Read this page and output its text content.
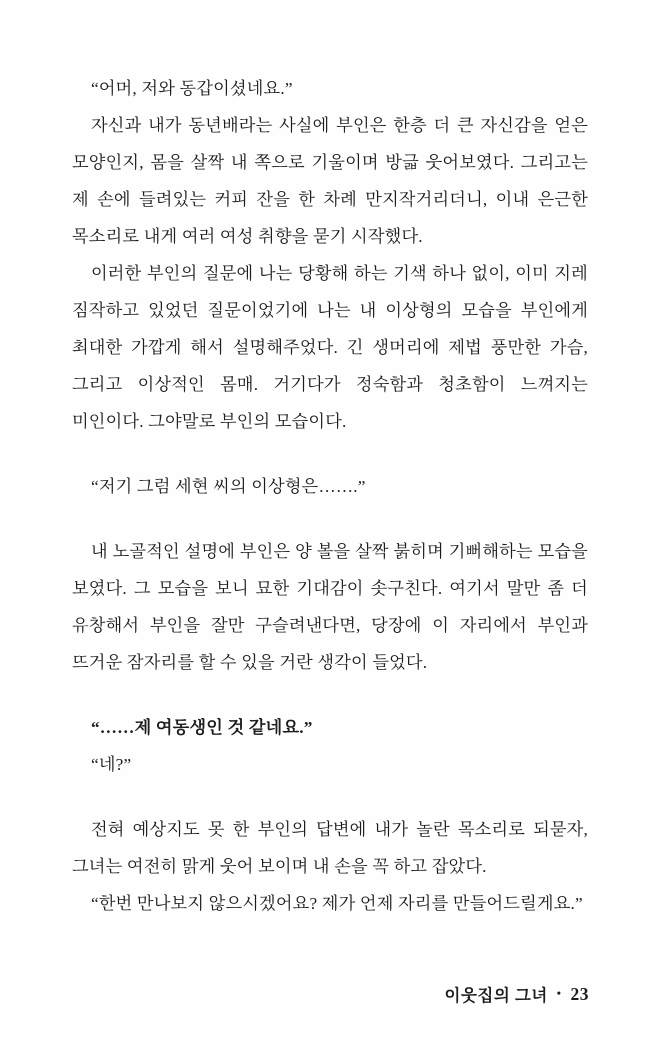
“어머, 저와 동갑이셨네요.”

자신과 내가 동년배라는 사실에 부인은 한층 더 큰 자신감을 얻은 모양인지, 몸을 살짝 내 쪽으로 기울이며 방긃 웃어보였다. 그리고는 제 손에 들려있는 커피 잔을 한 차례 만지작거리더니, 이내 은근한 목소리로 내게 여러 여성 취향을 묻기 시작했다.

이러한 부인의 질문에 나는 당황해 하는 기색 하나 없이, 이미 지레 짐작하고 있었던 질문이었기에 나는 내 이상형의 모습을 부인에게 최대한 가깝게 해서 설명해주었다. 긴 생머리에 제법 풍만한 가슴, 그리고 이상적인 몸매. 거기다가 정숙함과 청초함이 느껴지는 미인이다. 그야말로 부인의 모습이다.

“저기 그럼 세현 씨의 이상형은…….”

내 노골적인 설명에 부인은 양 볼을 살짝 붉히며 기뻐해하는 모습을 보였다. 그 모습을 보니 묘한 기대감이 솟구친다. 여기서 말만 좀 더 유창해서 부인을 잘만 구슬려낸다면, 당장에 이 자리에서 부인과 뜨거운 잠자리를 할 수 있을 거란 생각이 들었다.

“……제 여동생인 것 같네요.”

“네?”

전혀 예상지도 못 한 부인의 답변에 내가 놀란 목소리로 되묻자, 그녀는 여전히 맑게 웃어 보이며 내 손을 꼭 하고 잡았다.

“한번 만나보지 않으시겠어요? 제가 언제 자리를 만들어드릴게요.”

이웃집의 그녀 • 23
